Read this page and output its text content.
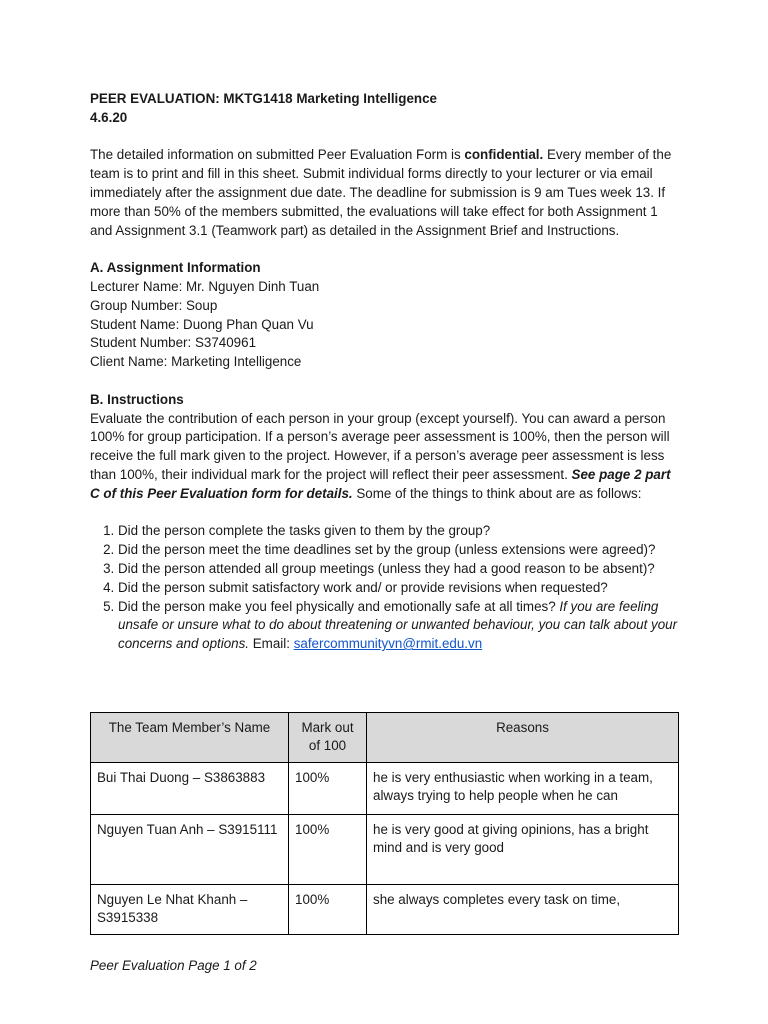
PEER EVALUATION: MKTG1418 Marketing Intelligence

4.6.20

The detailed information on submitted Peer Evaluation Form is confidential. Every member of the team is to print and fill in this sheet. Submit individual forms directly to your lecturer or via email immediately after the assignment due date. The deadline for submission is 9 am Tues week 13. If more than 50% of the members submitted, the evaluations will take effect for both Assignment 1 and Assignment 3.1 (Teamwork part) as detailed in the Assignment Brief and Instructions.

A. Assignment Information

Lecturer Name: Mr. Nguyen Dinh Tuan

Group Number: Soup

Student Name: Duong Phan Quan Vu

Student Number: S3740961

Client Name: Marketing Intelligence

B. Instructions

Evaluate the contribution of each person in your group (except yourself). You can award a person 100% for group participation. If a person’s average peer assessment is 100%, then the person will receive the full mark given to the project. However, if a person’s average peer assessment is less than 100%, their individual mark for the project will reflect their peer assessment. See page 2 part C of this Peer Evaluation form for details. Some of the things to think about are as follows:

1. Did the person complete the tasks given to them by the group?
2. Did the person meet the time deadlines set by the group (unless extensions were agreed)?
3. Did the person attended all group meetings (unless they had a good reason to be absent)?
4. Did the person submit satisfactory work and/ or provide revisions when requested?
5. Did the person make you feel physically and emotionally safe at all times? If you are feeling unsafe or unsure what to do about threatening or unwanted behaviour, you can talk about your concerns and options. Email: safercommunityvn@rmit.edu.vn
The Team Member’s Name	Mark out of 100	Reasons
Bui Thai Duong – S3863883	100%	he is very enthusiastic when working in a team, always trying to help people when he can
Nguyen Tuan Anh – S3915111	100%	he is very good at giving opinions, has a bright mind and is very good
Nguyen Le Nhat Khanh – S3915338	100%	she always completes every task on time,
Peer Evaluation Page 1 of 2
